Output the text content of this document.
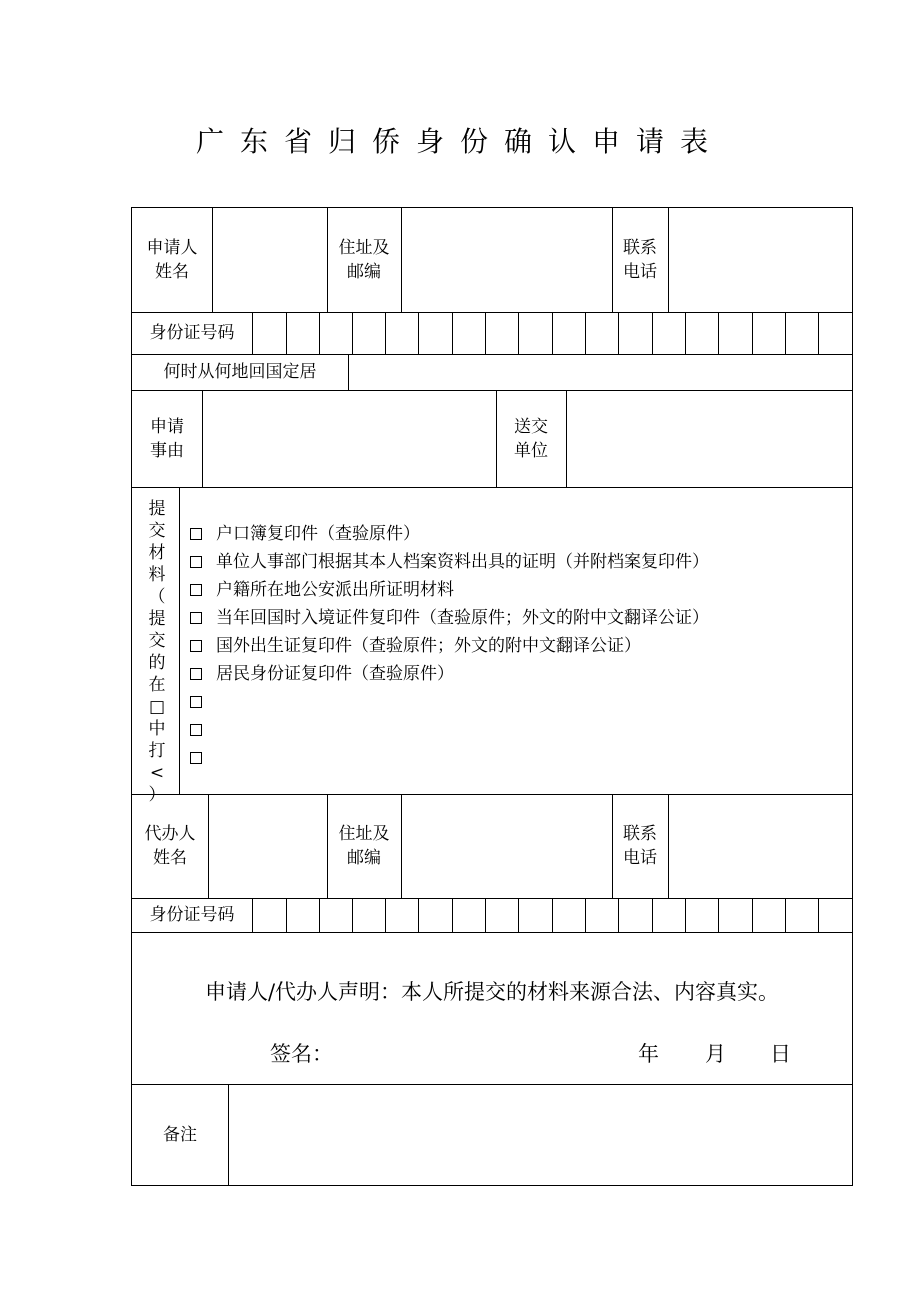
广东省归侨身份确认申请表
申请人
姓名
住址及
邮编
联系
电话
身份证号码
何时从何地回国定居
申请
事由
送交
单位
提
交
材
料
（
提
交
的
在
□
中
打
<
）
户口簿复印件（查验原件）
单位人事部门根据其本人档案资料出具的证明（并附档案复印件）
户籍所在地公安派出所证明材料
当年回国时入境证件复印件（查验原件；外文的附中文翻译公证）
国外出生证复印件（查验原件；外文的附中文翻译公证）
居民身份证复印件（查验原件）
代办人
姓名
住址及
邮编
联系
电话
身份证号码
申请人/代办人声明：本人所提交的材料来源合法、内容真实。
签名：	年 月 日
备注
